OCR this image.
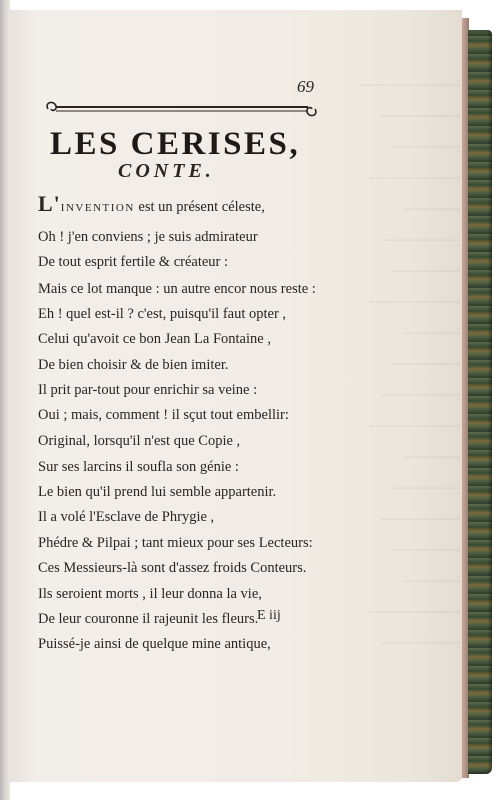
─────────
───────
──────
────────
─────
───────
──────
────────
─────
──────
───────
────────
─────
──────
───────
──────
─────
────────
───────

69

LES CERISES,
CONTE.
L'INVENTION est un présent céleste,
Oh ! j'en conviens ; je suis admirateur
De tout esprit fertile & créateur :
Mais ce lot manque : un autre encor nous reste :
Eh ! quel est-il ? c'est, puisqu'il faut opter ,
Celui qu'avoit ce bon Jean La Fontaine ,
De bien choisir & de bien imiter.
Il prit par-tout pour enrichir sa veine :
Oui ; mais, comment ! il sçut tout embellir:
Original, lorsqu'il n'est que Copie ,
Sur ses larcins il soufla son génie :
Le bien qu'il prend lui semble appartenir.
Il a volé l'Esclave de Phrygie ,
Phédre & Pilpai ; tant mieux pour ses Lecteurs:
Ces Messieurs-là sont d'assez froids Conteurs.
Ils seroient morts , il leur donna la vie,
De leur couronne il rajeunit les fleurs.
Puissé-je ainsi de quelque mine antique,

E iij
